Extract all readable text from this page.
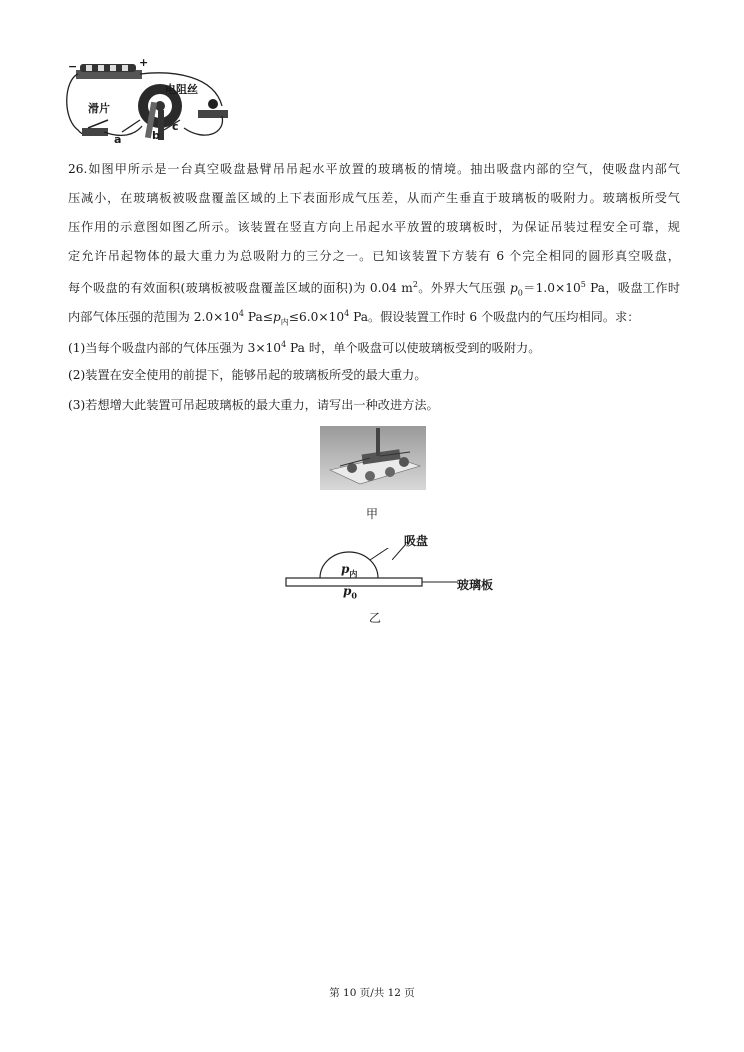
+
−
电阻丝
滑片
a	b
c
26.如图甲所示是一台真空吸盘悬臂吊吊起水平放置的玻璃板的情境。抽出吸盘内部的空气，使吸盘内部气
压减小，在玻璃板被吸盘覆盖区域的上下表面形成气压差，从而产生垂直于玻璃板的吸附力。玻璃板所受气
压作用的示意图如图乙所示。该装置在竖直方向上吊起水平放置的玻璃板时，为保证吊装过程安全可靠，规
定允许吊起物体的最大重力为总吸附力的三分之一。已知该装置下方装有 6 个完全相同的圆形真空吸盘，
每个吸盘的有效面积(玻璃板被吸盘覆盖区域的面积)为 0.04 $m^2$。外界大气压强 $p_0=1.0\times 10^5$ Pa，吸盘工作时
内部气体压强的范围为 $2.0\times 10^4$ $Pa\le p_内\le 6.0\times 10^4$ Pa。假设装置工作时 6 个吸盘内的气压均相同。求：
(1)当每个吸盘内部的气体压强为 $3\times 10^4$ Pa 时，单个吸盘可以使玻璃板受到的吸附力。
(2)装置在安全使用的前提下，能够吊起的玻璃板所受的最大重力。
(3)若想增大此装置可吊起玻璃板的最大重力，请写出一种改进方法。
甲
吸盘
玻璃板
$p_内$
$p_0$
乙
第 10 页/共 12 页
